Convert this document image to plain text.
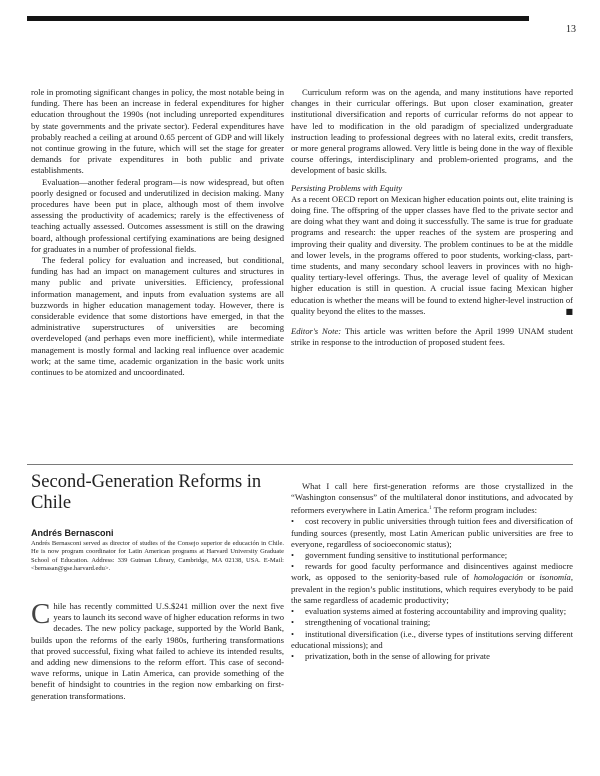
13

role in promoting significant changes in policy, the most notable being in funding. There has been an increase in federal expenditures for higher education throughout the 1990s (not including unreported expenditures by state governments and the private sector). Federal expenditures have probably reached a ceiling at around 0.65 percent of GDP and will likely not continue growing in the future, which will set the stage for greater demands for private expenditures in both public and private establishments.

Evaluation—another federal program—is now widespread, but often poorly designed or focused and underutilized in decision making. Many procedures have been put in place, although most of them involve assessing the productivity of academics; rarely is the effectiveness of teaching actually assessed. Outcomes assessment is still on the drawing board, although professional certifying examinations are being designed for graduates in a number of professional fields.

The federal policy for evaluation and increased, but conditional, funding has had an impact on management cultures and structures in many public and private universities. Efficiency, professional information management, and inputs from evaluation systems are all buzzwords in higher education management today. However, there is considerable evidence that some distortions have emerged, in that the administrative superstructures of universities are becoming overdeveloped (and perhaps even more inefficient), while intermediate management is mostly formal and lacking real influence over academic work; at the same time, academic organization in the basic work units continues to be atomized and uncoordinated.

Curriculum reform was on the agenda, and many institutions have reported changes in their curricular offerings. But upon closer examination, greater institutional diversification and reports of curricular reforms do not appear to have led to modification in the old paradigm of specialized undergraduate instruction leading to professional degrees with no lateral exits, credit transfers, or more general programs allowed. Very little is being done in the way of flexible course offerings, interdisciplinary and problem-oriented programs, and the development of basic skills.

Persisting Problems with Equity

As a recent OECD report on Mexican higher education points out, elite training is doing fine. The offspring of the upper classes have fled to the private sector and are doing what they want and doing it successfully. The same is true for graduate programs and research: the upper reaches of the system are prospering and improving their quality and diversity. The problem continues to be at the middle and lower levels, in the programs offered to poor students, working-class, part-time students, and many secondary school leavers in provinces with no high-quality tertiary-level offerings. Thus, the average level of quality of Mexican higher education is still in question. A crucial issue facing Mexican higher education is whether the means will be found to extend higher-level instruction of quality beyond the elites to the masses.	■

Editor's Note: This article was written before the April 1999 UNAM student strike in response to the introduction of proposed student fees.

Second-Generation Reforms in Chile
Andrés Bernasconi

Andrés Bernasconi served as director of studies of the Consejo superior de educación in Chile. He is now program coordinator for Latin American programs at Harvard University Graduate School of Education. Address: 339 Gutman Library, Cambridge, MA 02138, USA. E-Mail: <bernasan@gse.harvard.edu>.

Chile has recently committed U.S.$241 million over the next five years to launch its second wave of higher education reforms in two decades. The new policy package, supported by the World Bank, builds upon the reforms of the early 1980s, furthering transformations that proved successful, fixing what failed to achieve its intended results, and adding new dimensions to the reform effort. This case of second-wave reforms, unique in Latin America, can provide something of the benefit of hindsight to countries in the region now embarking on first-generation transformations.

What I call here first-generation reforms are those crystallized in the “Washington consensus” of the multilateral donor institutions, and advocated by reformers everywhere in Latin America.$^1$ The reform program includes:

• cost recovery in public universities through tuition fees and diversification of funding sources (presently, most Latin American public universities are free to everyone, regardless of socioeconomic status);

• government funding sensitive to institutional performance;

• rewards for good faculty performance and disincentives against mediocre work, as opposed to the seniority-based rule of homologación or isonomía, prevalent in the region’s public institutions, which requires everybody to be paid the same regardless of academic productivity;

• evaluation systems aimed at fostering accountability and improving quality;

• strengthening of vocational training;

• institutional diversification (i.e., diverse types of institutions serving different educational missions); and

• privatization, both in the sense of allowing for private
